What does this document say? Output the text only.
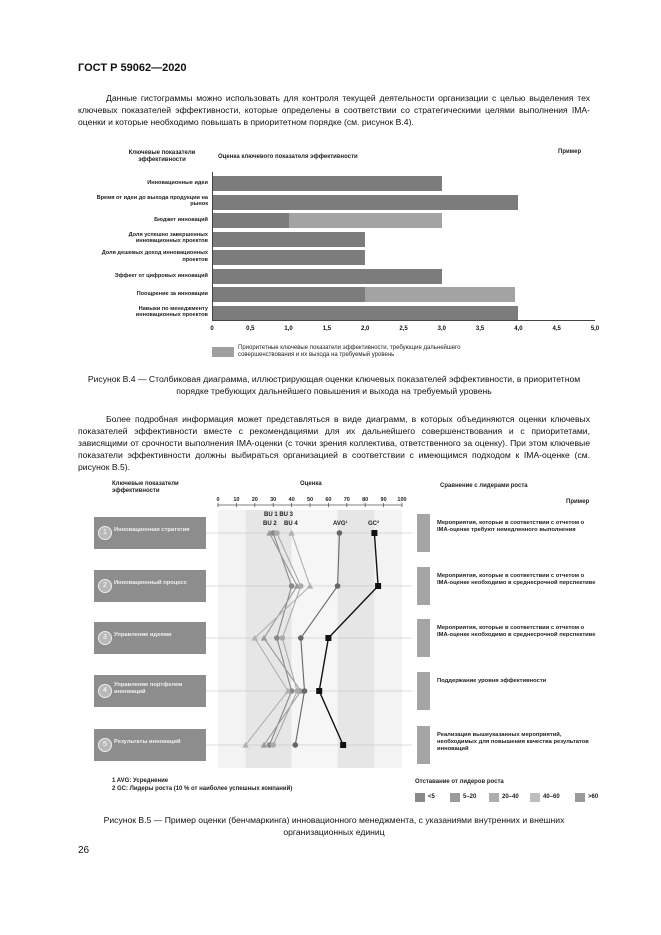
ГОСТ Р 59062—2020
Данные гистограммы можно использовать для контроля текущей деятельности организации с целью выделения тех ключевых показателей эффективности, которые определены в соответствии со стратегическими целями выполнения IMA-оценки и которые необходимо повышать в приоритетном порядке (см. рисунок В.4).
Ключевые показатели эффективности	Оценка ключевого показателя эффективности
Пример
Инновационные идеи
Время от идеи до выхода продукции на рынок
Бюджет инноваций
Доля успешно завершенных инновационных проектов
Доля дешевых доход инновационных проектов
Эффект от цифровых инноваций
Поощрение за инновации
Навыки по менеджменту инновационных проектов
0	0,5	1,0	1,5	2,0	2,5	3,0	3,5	4,0	4,5	5,0
Приоритетные ключевые показатели эффективности, требующие дальнейшего совершенствования и их выхода на требуемый уровень
Рисунок В.4 — Столбиковая диаграмма, иллюстрирующая оценки ключевых показателей эффективности, в приоритетном порядке требующих дальнейшего повышения и выхода на требуемый уровень
Более подробная информация может представляться в виде диаграмм, в которых объединяются оценки ключевых показателей эффективности вместе с рекомендациями для их дальнейшего совершенствования и с приоритетами, зависящими от срочности выполнения IMA-оценки (с точки зрения коллектива, ответственного за оценку). При этом ключевые показатели эффективности должны выбираться организацией в соответствии с имеющимся подходом к IMA-оценке (см. рисунок В.5).
Ключевые показатели эффективности
Оценка	Сравнение с лидерами роста
Пример
0	10 20 30 40 50 60 70 80 90 100
BU 1 BU 3
BU 2 BU 4	AVG¹	GC²
1	Инновационная стратегия
Мероприятия, которые в соответствии с отчетом о IMA-оценке требуют немедленного выполнения
2	Инновационный процесс
Мероприятия, которые в соответствии с отчетом о IMA-оценке необходимо в среднесрочной перспективе
3	Управление идеями
Мероприятия, которые в соответствии с отчетом о IMA-оценке необходимо в среднесрочной перспективе
4
Управление портфелем инноваций
Поддержание уровня эффективности
5	Результаты инноваций
Реализация вышеуказанных мероприятий, необходимых для повышения качества результатов инноваций
1 AVG: Усреднение
2 GC: Лидеры роста (10 % от наиболее успешных компаний)
Отставание от лидеров роста
<5	5–20	20–40	40–60	>60
Рисунок В.5 — Пример оценки (бенчмаркинга) инновационного менеджмента, с указаниями внутренних и внешних организационных единиц
26
